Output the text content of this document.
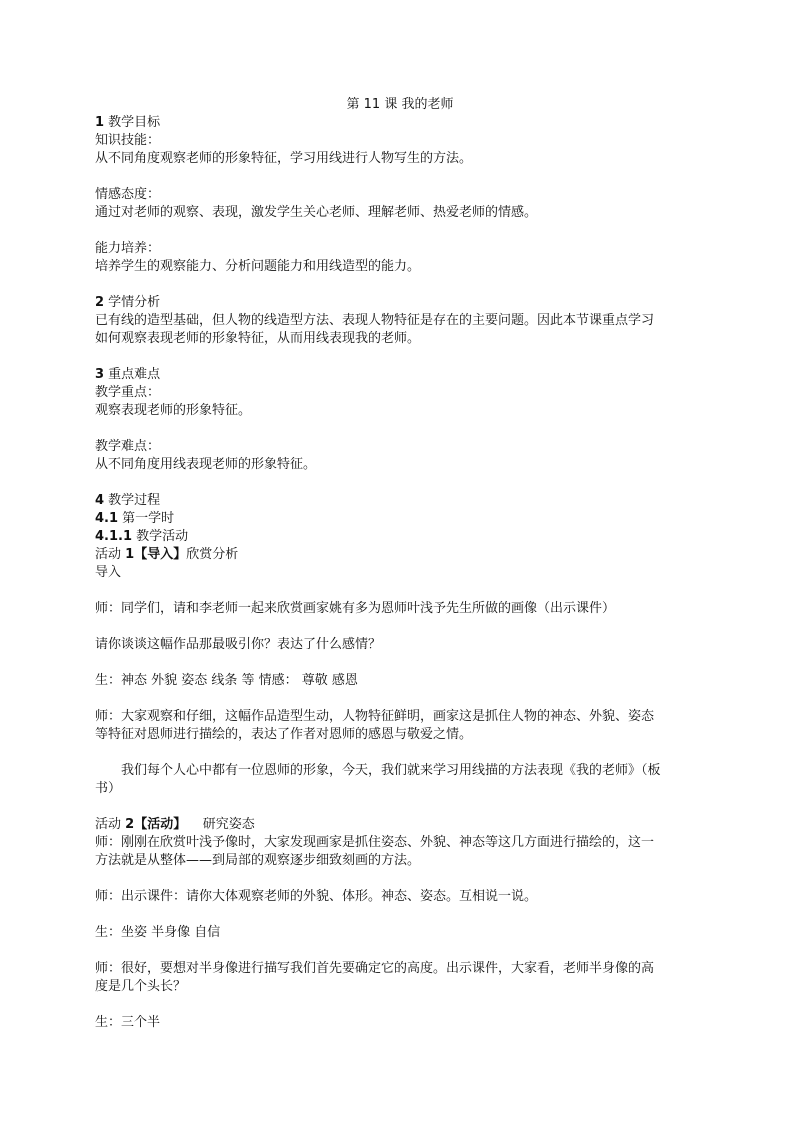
第 11 课 我的老师
1 教学目标
知识技能：
从不同角度观察老师的形象特征，学习用线进行人物写生的方法。
情感态度：
通过对老师的观察、表现，激发学生关心老师、理解老师、热爱老师的情感。
能力培养：
培养学生的观察能力、分析问题能力和用线造型的能力。
2 学情分析
已有线的造型基础，但人物的线造型方法、表现人物特征是存在的主要问题。因此本节课重点学习
如何观察表现老师的形象特征，从而用线表现我的老师。
3 重点难点
教学重点：
观察表现老师的形象特征。
教学难点：
从不同角度用线表现老师的形象特征。
4 教学过程
4.1 第一学时
4.1.1 教学活动
活动 1【导入】欣赏分析
导入
师：同学们，请和李老师一起来欣赏画家姚有多为恩师叶浅予先生所做的画像（出示课件）
请你谈谈这幅作品那最吸引你？表达了什么感情？
生：神态 外貌 姿态 线条 等 情感： 尊敬 感恩
师：大家观察和仔细，这幅作品造型生动，人物特征鲜明，画家这是抓住人物的神态、外貌、姿态
等特征对恩师进行描绘的，表达了作者对恩师的感恩与敬爱之情。
我们每个人心中都有一位恩师的形象，今天，我们就来学习用线描的方法表现《我的老师》（板
书）
活动 2【活动】    研究姿态
师：刚刚在欣赏叶浅予像时，大家发现画家是抓住姿态、外貌、神态等这几方面进行描绘的，这一
方法就是从整体——到局部的观察逐步细致刻画的方法。
师：出示课件：请你大体观察老师的外貌、体形。神态、姿态。互相说一说。
生：坐姿 半身像 自信
师：很好，要想对半身像进行描写我们首先要确定它的高度。出示课件，大家看，老师半身像的高
度是几个头长？
生：三个半
